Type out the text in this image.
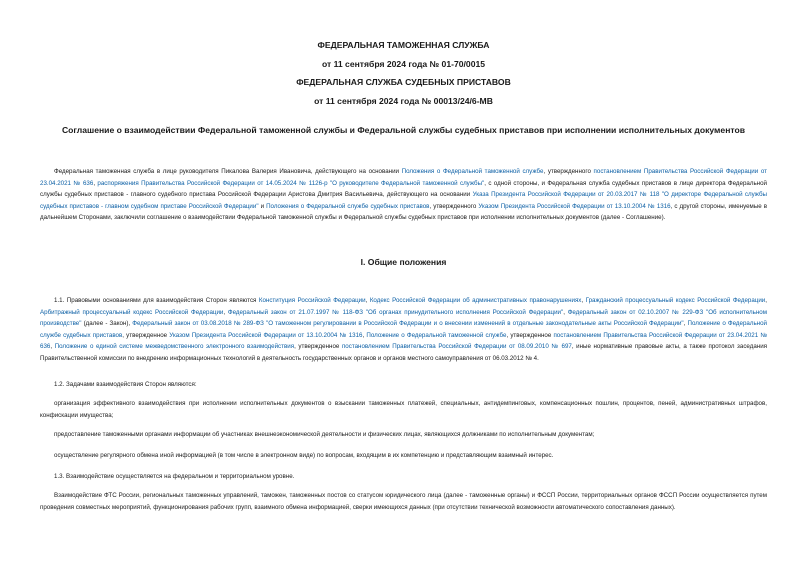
ФЕДЕРАЛЬНАЯ ТАМОЖЕННАЯ СЛУЖБА

от 11 сентября 2024 года № 01-70/0015

ФЕДЕРАЛЬНАЯ СЛУЖБА СУДЕБНЫХ ПРИСТАВОВ

от 11 сентября 2024 года № 00013/24/6-МВ

Соглашение о взаимодействии Федеральной таможенной службы и Федеральной службы судебных приставов при исполнении исполнительных документов

Федеральная таможенная служба в лице руководителя Пикалова Валерия Ивановича, действующего на основании Положения о Федеральной таможенной службе, утвержденного постановлением Правительства Российской Федерации от 23.04.2021 № 636, распоряжения Правительства Российской Федерации от 14.05.2024 № 1126-р "О руководителе Федеральной таможенной службы", с одной стороны, и Федеральная служба судебных приставов в лице директора Федеральной службы судебных приставов - главного судебного пристава Российской Федерации Аристова Дмитрия Васильевича, действующего на основании Указа Президента Российской Федерации от 20.03.2017 № 118 "О директоре Федеральной службы судебных приставов - главном судебном приставе Российской Федерации" и Положения о Федеральной службе судебных приставов, утвержденного Указом Президента Российской Федерации от 13.10.2004 № 1316, с другой стороны, именуемые в дальнейшем Сторонами, заключили соглашение о взаимодействии Федеральной таможенной службы и Федеральной службы судебных приставов при исполнении исполнительных документов (далее - Соглашение).

I. Общие положения

1.1. Правовыми основаниями для взаимодействия Сторон являются Конституция Российской Федерации, Кодекс Российской Федерации об административных правонарушениях, Гражданский процессуальный кодекс Российской Федерации, Арбитражный процессуальный кодекс Российской Федерации, Федеральный закон от 21.07.1997 № 118-ФЗ "Об органах принудительного исполнения Российской Федерации", Федеральный закон от 02.10.2007 № 229-ФЗ "Об исполнительном производстве" (далее - Закон), Федеральный закон от 03.08.2018 № 289-ФЗ "О таможенном регулировании в Российской Федерации и о внесении изменений в отдельные законодательные акты Российской Федерации", Положение о Федеральной службе судебных приставов, утвержденное Указом Президента Российской Федерации от 13.10.2004 № 1316, Положение о Федеральной таможенной службе, утвержденное постановлением Правительства Российской Федерации от 23.04.2021 № 636, Положение о единой системе межведомственного электронного взаимодействия, утвержденное постановлением Правительства Российской Федерации от 08.09.2010 № 697, иные нормативные правовые акты, а также протокол заседания Правительственной комиссии по внедрению информационных технологий в деятельность государственных органов и органов местного самоуправления от 06.03.2012 № 4.

1.2. Задачами взаимодействия Сторон являются:

организация эффективного взаимодействия при исполнении исполнительных документов о взыскании таможенных платежей, специальных, антидемпинговых, компенсационных пошлин, процентов, пеней, административных штрафов, конфискации имущества;

предоставление таможенными органами информации об участниках внешнеэкономической деятельности и физических лицах, являющихся должниками по исполнительным документам;

осуществление регулярного обмена иной информацией (в том числе в электронном виде) по вопросам, входящим в их компетенцию и представляющим взаимный интерес.

1.3. Взаимодействие осуществляется на федеральном и территориальном уровне.

Взаимодействие ФТС России, региональных таможенных управлений, таможен, таможенных постов со статусом юридического лица (далее - таможенные органы) и ФССП России, территориальных органов ФССП России осуществляется путем проведения совместных мероприятий, функционирования рабочих групп, взаимного обмена информацией, сверки имеющихся данных (при отсутствии технической возможности автоматического сопоставления данных).
